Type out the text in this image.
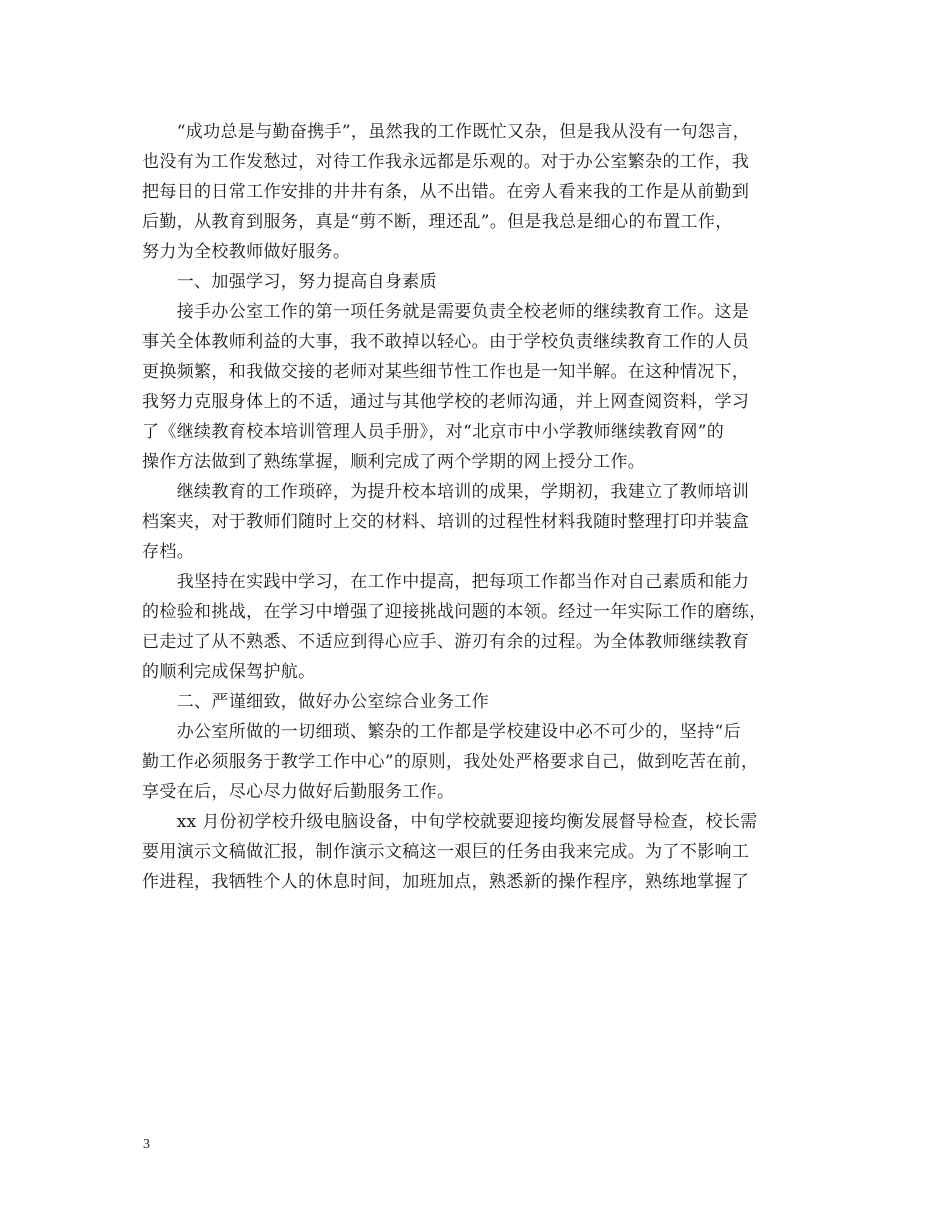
　　“成功总是与勤奋携手”，虽然我的工作既忙又杂，但是我从没有一句怨言，
也没有为工作发愁过，对待工作我永远都是乐观的。对于办公室繁杂的工作，我
把每日的日常工作安排的井井有条，从不出错。在旁人看来我的工作是从前勤到
后勤，从教育到服务，真是“剪不断，理还乱”。但是我总是细心的布置工作，
努力为全校教师做好服务。
　　一、加强学习，努力提高自身素质
　　接手办公室工作的第一项任务就是需要负责全校老师的继续教育工作。这是
事关全体教师利益的大事，我不敢掉以轻心。由于学校负责继续教育工作的人员
更换频繁，和我做交接的老师对某些细节性工作也是一知半解。在这种情况下，
我努力克服身体上的不适，通过与其他学校的老师沟通，并上网查阅资料，学习
了《继续教育校本培训管理人员手册》，对“北京市中小学教师继续教育网”的
操作方法做到了熟练掌握，顺利完成了两个学期的网上授分工作。
　　继续教育的工作琐碎，为提升校本培训的成果，学期初，我建立了教师培训
档案夹，对于教师们随时上交的材料、培训的过程性材料我随时整理打印并装盒
存档。
　　我坚持在实践中学习，在工作中提高，把每项工作都当作对自己素质和能力
的检验和挑战，在学习中增强了迎接挑战问题的本领。经过一年实际工作的磨练，
已走过了从不熟悉、不适应到得心应手、游刃有余的过程。为全体教师继续教育
的顺利完成保驾护航。
　　二、严谨细致，做好办公室综合业务工作
　　办公室所做的一切细琐、繁杂的工作都是学校建设中必不可少的，坚持“后
勤工作必须服务于教学工作中心”的原则，我处处严格要求自己，做到吃苦在前，
享受在后，尽心尽力做好后勤服务工作。
　　xx 月份初学校升级电脑设备，中旬学校就要迎接均衡发展督导检查，校长需
要用演示文稿做汇报，制作演示文稿这一艰巨的任务由我来完成。为了不影响工
作进程，我牺牲个人的休息时间，加班加点，熟悉新的操作程序，熟练地掌握了
3
